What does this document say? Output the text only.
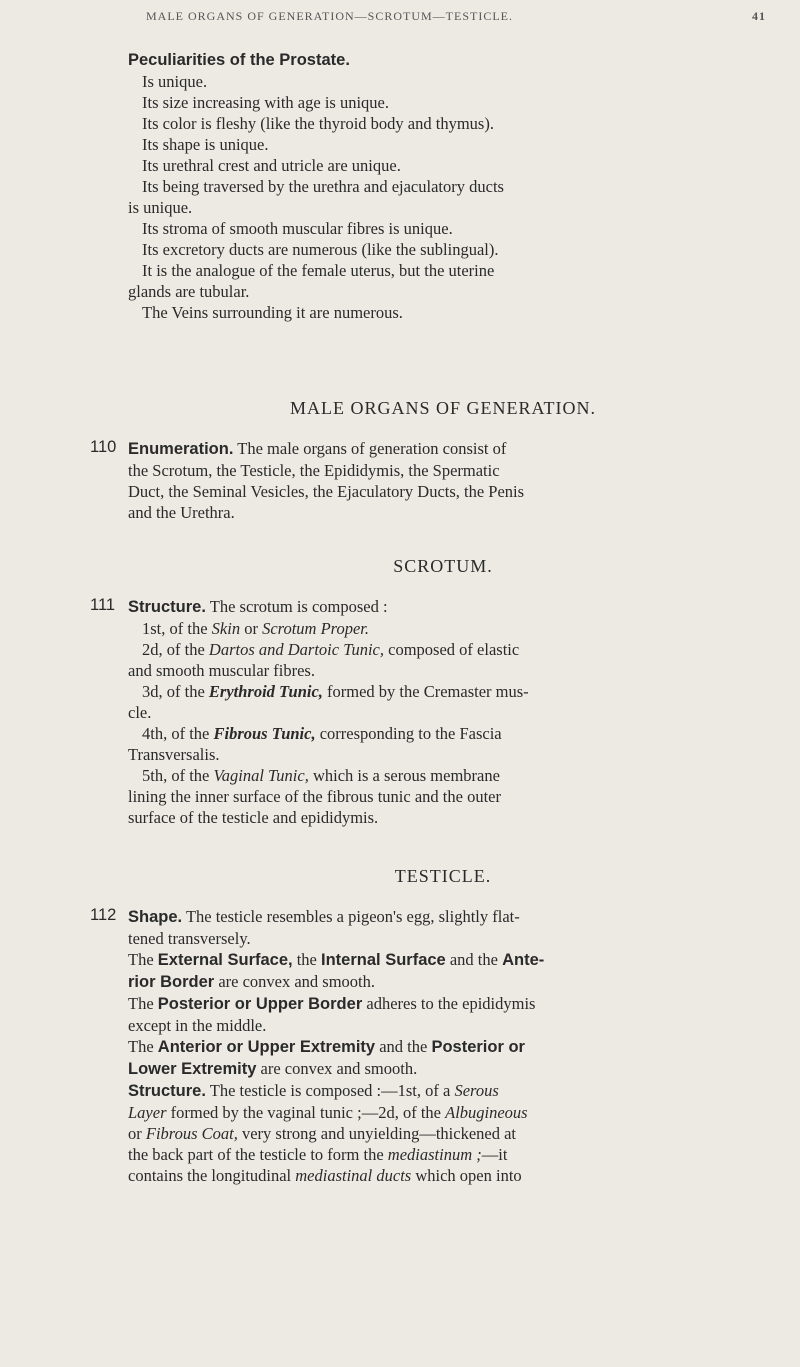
MALE ORGANS OF GENERATION—SCROTUM—TESTICLE.	41
Peculiarities of the Prostate.
Is unique.
Its size increasing with age is unique.
Its color is fleshy (like the thyroid body and thymus).
Its shape is unique.
Its urethral crest and utricle are unique.
Its being traversed by the urethra and ejaculatory ducts
is unique.
Its stroma of smooth muscular fibres is unique.
Its excretory ducts are numerous (like the sublingual).
It is the analogue of the female uterus, but the uterine
glands are tubular.
The Veins surrounding it are numerous.
MALE ORGANS OF GENERATION.
110 Enumeration. The male organs of generation consist of
the Scrotum, the Testicle, the Epididymis, the Spermatic
Duct, the Seminal Vesicles, the Ejaculatory Ducts, the Penis
and the Urethra.
SCROTUM.
111 Structure. The scrotum is composed :
1st, of the Skin or Scrotum Proper.
2d, of the Dartos and Dartoic Tunic, composed of elastic
and smooth muscular fibres.
3d, of the Erythroid Tunic, formed by the Cremaster mus-
cle.
4th, of the Fibrous Tunic, corresponding to the Fascia
Transversalis.
5th, of the Vaginal Tunic, which is a serous membrane
lining the inner surface of the fibrous tunic and the outer
surface of the testicle and epididymis.
TESTICLE.
112 Shape. The testicle resembles a pigeon's egg, slightly flat-
tened transversely.
The External Surface, the Internal Surface and the Ante-
rior Border are convex and smooth.
The Posterior or Upper Border adheres to the epididymis
except in the middle.
The Anterior or Upper Extremity and the Posterior or
Lower Extremity are convex and smooth.
Structure. The testicle is composed :—1st, of a Serous
Layer formed by the vaginal tunic ;—2d, of the Albugineous
or Fibrous Coat, very strong and unyielding—thickened at
the back part of the testicle to form the mediastinum ;—it
contains the longitudinal mediastinal ducts which open into
